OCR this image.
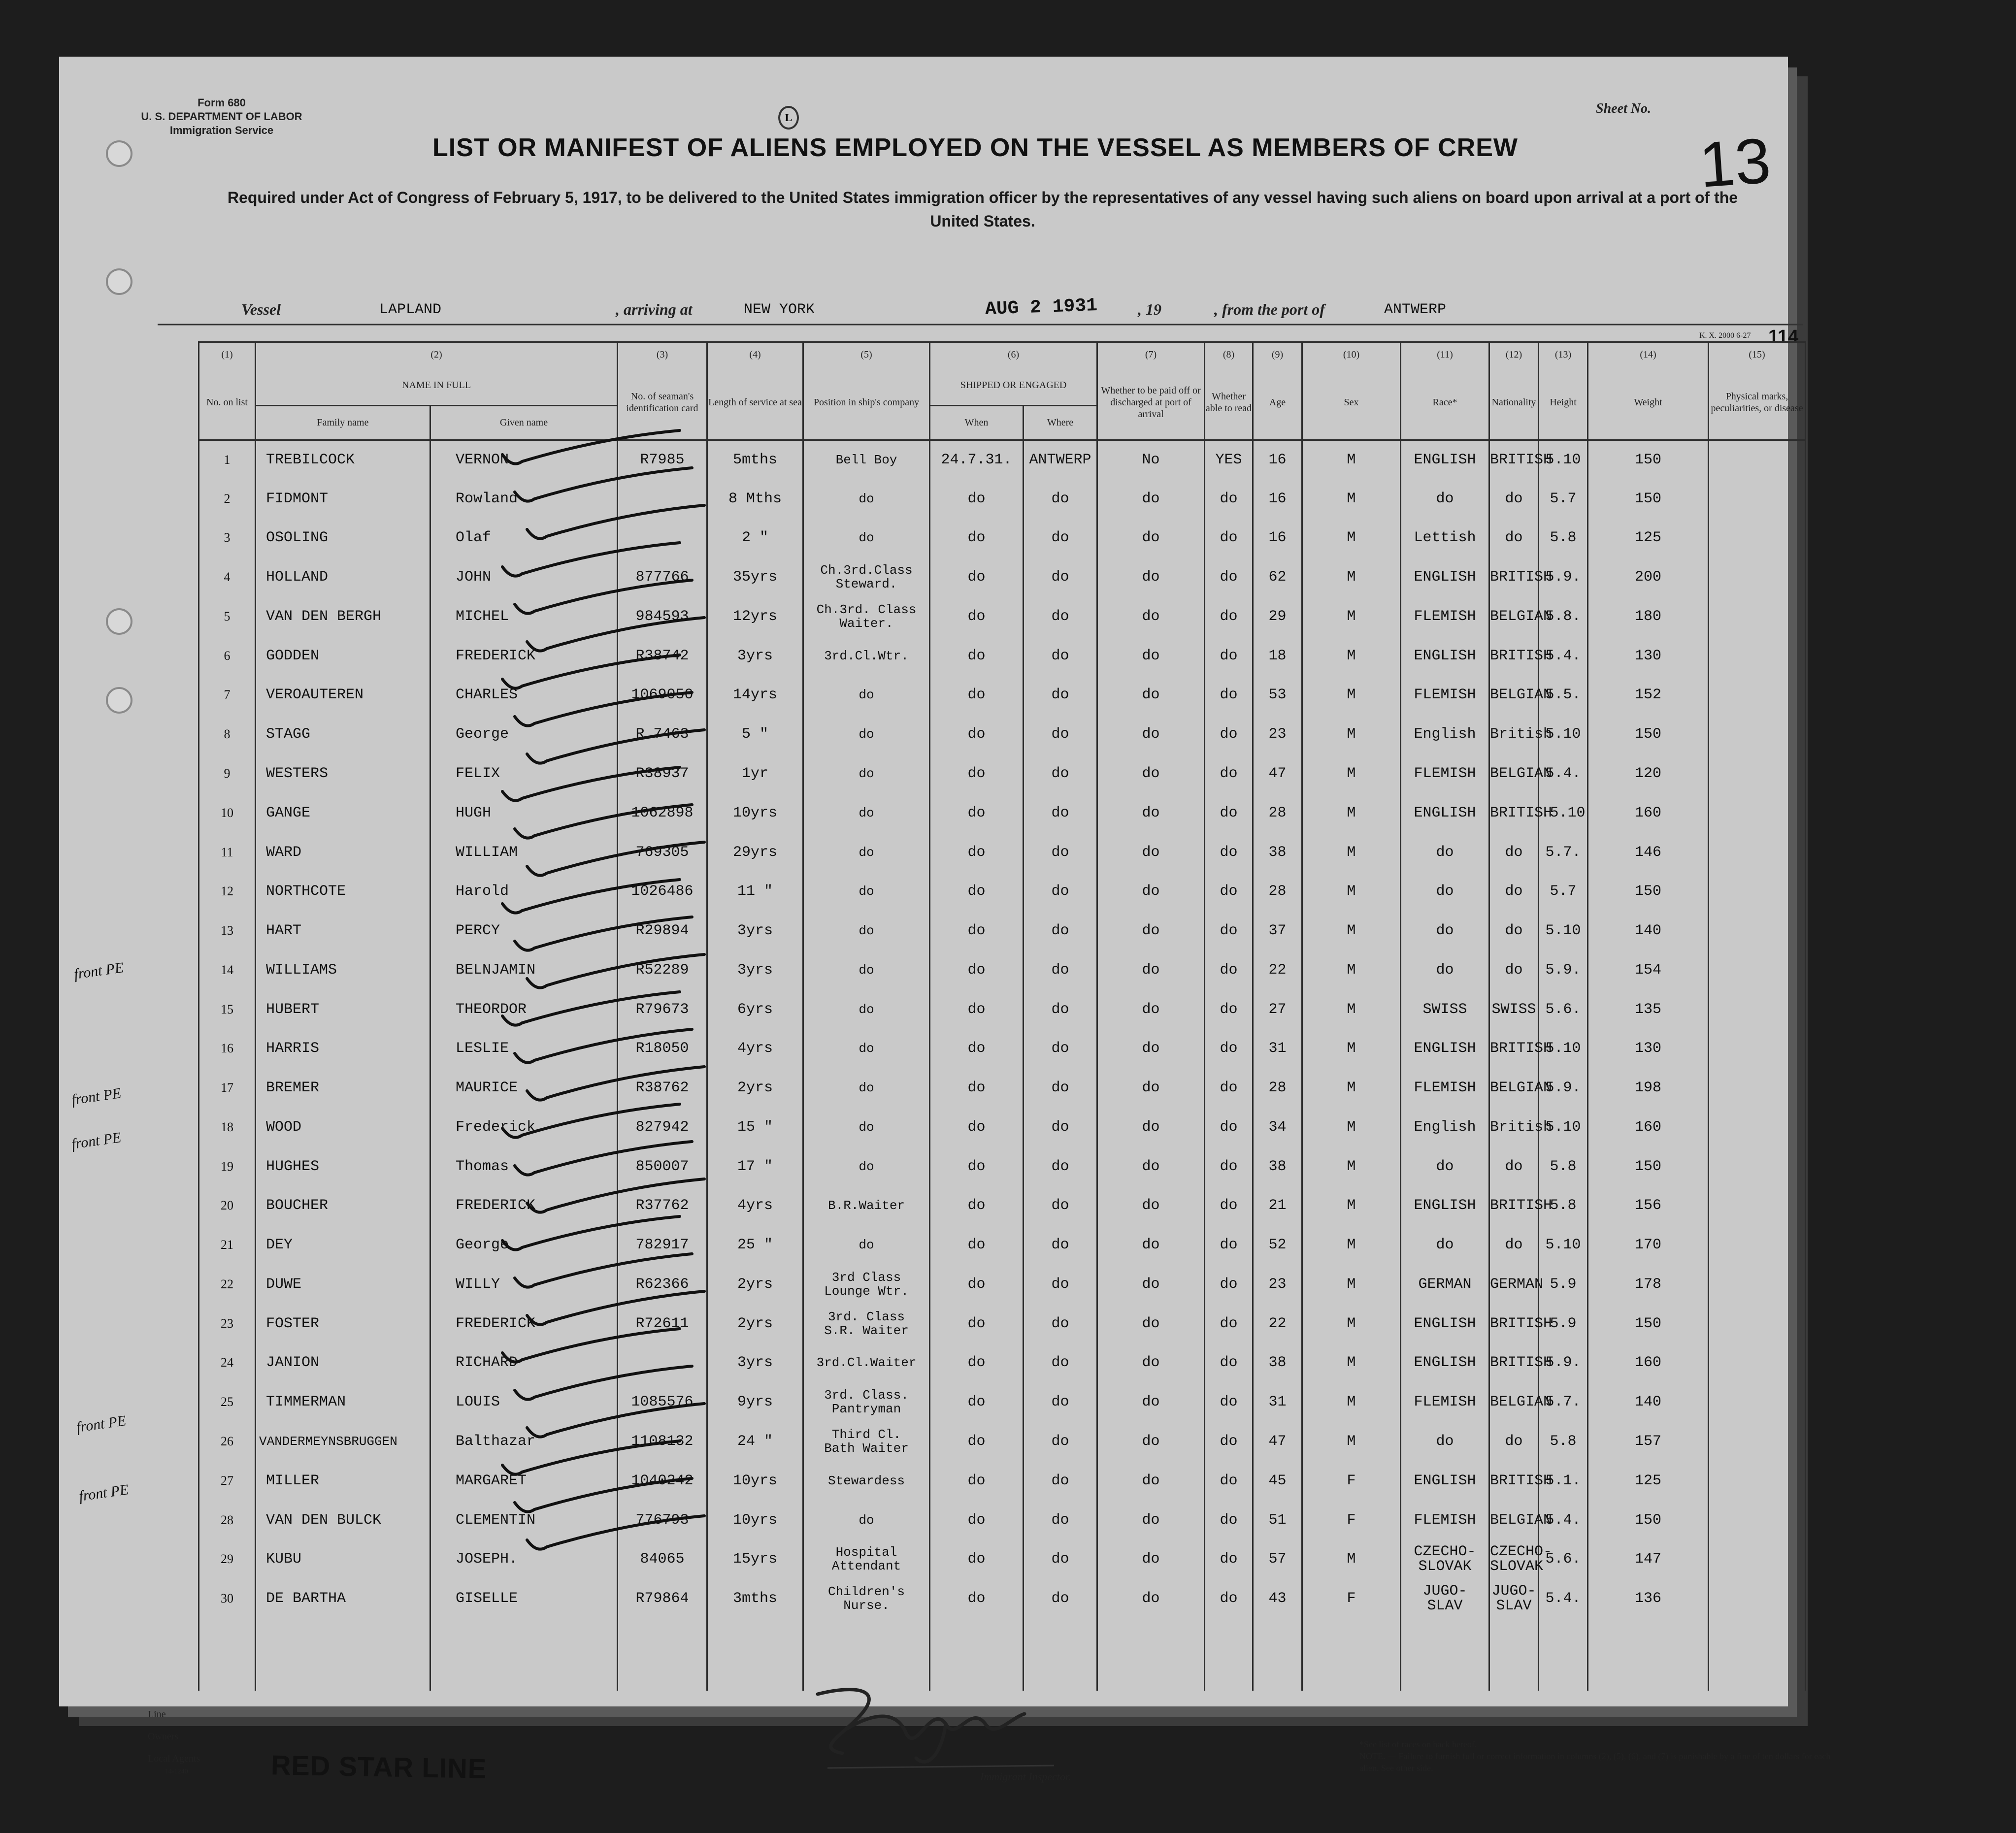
Form 680
U. S. DEPARTMENT OF LABOR
Immigration Service
L
Sheet No.
13
LIST OR MANIFEST OF ALIENS EMPLOYED ON THE VESSEL AS MEMBERS OF CREW
Required under Act of Congress of February 5, 1917, to be delivered to the United States immigration officer by the representatives of any vessel having such aliens on board upon arrival at a port of the United States.
Vessel	LAPLAND	, arriving at	NEW YORK	AUG 2 1931	, 19	, from the port of	ANTWERP
K. X. 2000 6-27 114
(1)	(2)		(3)	(4)	(5)	(6)		(7)	(8)	(9)	(10)	(11)	(12)	(13)	(14)	(15)
No. on list	NAME IN FULL		No. of seaman's identification card	Length of service at sea	Position in ship's company	SHIPPED OR ENGAGED		Whether to be paid off or discharged at port of arrival	Whether able to read	Age	Sex	Race*	Nationality	Height	Weight	Physical marks, peculiarities, or disease
	Family name	Given name				When	Where									
1	TREBILCOCK	VERNON	R7985	5mths	Bell Boy	24.7.31.	ANTWERP	No	YES	16	M	ENGLISH	BRITISH	5.10	150	
2	FIDMONT	Rowland		8 Mths	do	do	do	do	do	16	M	do	do	5.7	150	
3	OSOLING	Olaf		2 "	do	do	do	do	do	16	M	Lettish	do	5.8	125	
4	HOLLAND	JOHN	877766	35yrs	Ch.3rd.Class
Steward.	do	do	do	do	62	M	ENGLISH	BRITISH	5.9.	200	
5	VAN DEN BERGH	MICHEL	984593	12yrs	Ch.3rd. Class
Waiter.	do	do	do	do	29	M	FLEMISH	BELGIAN	5.8.	180	
6	GODDEN	FREDERICK	R38742	3yrs	3rd.Cl.Wtr.	do	do	do	do	18	M	ENGLISH	BRITISH	5.4.	130	
7	VEROAUTEREN	CHARLES	1069050	14yrs	do	do	do	do	do	53	M	FLEMISH	BELGIAN	5.5.	152	
8	STAGG	George	R 7463	5 "	do	do	do	do	do	23	M	English	British	5.10	150	
9	WESTERS	FELIX	R38937	1yr	do	do	do	do	do	47	M	FLEMISH	BELGIAN	5.4.	120	
10	GANGE	HUGH	1062898	10yrs	do	do	do	do	do	28	M	ENGLISH	BRITISH	.5.10	160	
11	WARD	WILLIAM	769305	29yrs	do	do	do	do	do	38	M	do	do	5.7.	146	
12	NORTHCOTE	Harold	1026486	11 "	do	do	do	do	do	28	M	do	do	5.7	150	
13	HART	PERCY	R29894	3yrs	do	do	do	do	do	37	M	do	do	5.10	140	
14	WILLIAMS	BELNJAMIN	R52289	3yrs	do	do	do	do	do	22	M	do	do	5.9.	154	
15	HUBERT	THEORDOR	R79673	6yrs	do	do	do	do	do	27	M	SWISS	SWISS	5.6.	135	
16	HARRIS	LESLIE	R18050	4yrs	do	do	do	do	do	31	M	ENGLISH	BRITISH	5.10	130	
17	BREMER	MAURICE	R38762	2yrs	do	do	do	do	do	28	M	FLEMISH	BELGIAN	5.9.	198	
18	WOOD	Frederick	827942	15 "	do	do	do	do	do	34	M	English	British	5.10	160	
19	HUGHES	Thomas	850007	17 "	do	do	do	do	do	38	M	do	do	5.8	150	
20	BOUCHER	FREDERICK	R37762	4yrs	B.R.Waiter	do	do	do	do	21	M	ENGLISH	BRITISH	5.8	156	
21	DEY	George	782917	25 "	do	do	do	do	do	52	M	do	do	5.10	170	
22	DUWE	WILLY	R62366	2yrs	3rd Class
Lounge Wtr.	do	do	do	do	23	M	GERMAN	GERMAN	5.9	178	
23	FOSTER	FREDERICK	R72611	2yrs	3rd. Class
S.R. Waiter	do	do	do	do	22	M	ENGLISH	BRITISH	5.9	150	
24	JANION	RICHARD		3yrs	3rd.Cl.Waiter	do	do	do	do	38	M	ENGLISH	BRITISH	5.9.	160	
25	TIMMERMAN	LOUIS	1085576	9yrs	3rd. Class.
Pantryman	do	do	do	do	31	M	FLEMISH	BELGIAN	5.7.	140	
26	VANDERMEYNSBRUGGEN	Balthazar	1108132	24 "	Third Cl.
Bath Waiter	do	do	do	do	47	M	do	do	5.8	157	
27	MILLER	MARGARET	1040242	10yrs	Stewardess	do	do	do	do	45	F	ENGLISH	BRITISH	5.1.	125	
28	VAN DEN BULCK	CLEMENTIN	776793	10yrs	do	do	do	do	do	51	F	FLEMISH	BELGIAN	5.4.	150	
29	KUBU	JOSEPH.	84065	15yrs	Hospital
Attendant	do	do	do	do	57	M	CZECHO-
SLOVAK	CZECHO-
SLOVAK	5.6.	147	
30	DE BARTHA	GISELLE	R79864	3mths	Children's
Nurse.	do	do	do	do	43	F	JUGO-
SLAV	JUGO-
SLAV	5.4.	136	

front PE
front PE
front PE
front PE
front PE
Line
Owners
Local Agents
14-1240	RED STAR LINE	Immigrant Inspector.
*See list of races on back hereof.
NOTE. — Failure to furnish full or correct information in columns (2), (5), (6), and (7) is punishable by a fine of ten dollars for each alien. See other side.
